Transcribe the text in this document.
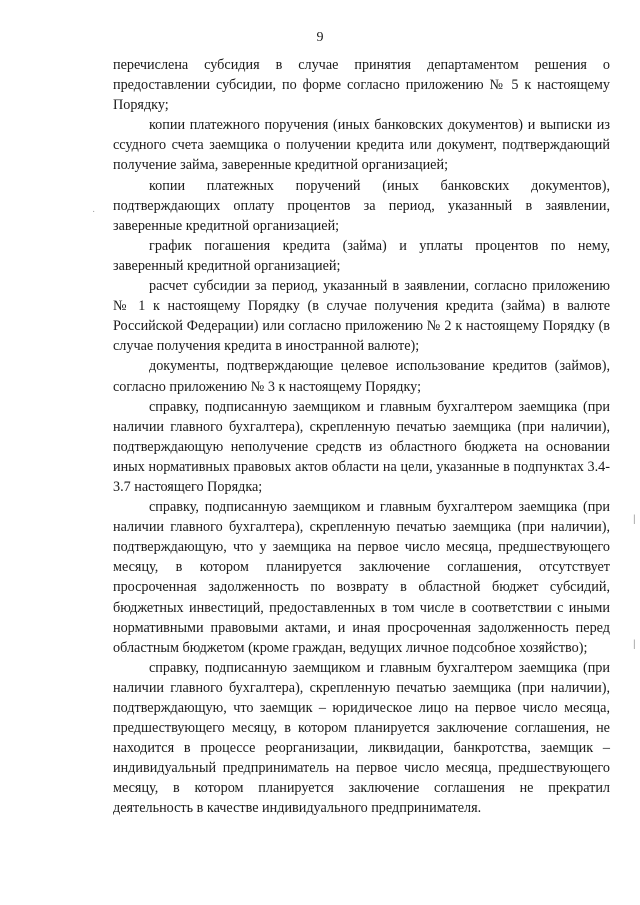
9

перечислена субсидия в случае принятия департаментом решения о предоставлении субсидии, по форме согласно приложению № 5 к настоящему Порядку;

копии платежного поручения (иных банковских документов) и выписки из ссудного счета заемщика о получении кредита или документ, подтверждающий получение займа, заверенные кредитной организацией;

копии платежных поручений (иных банковских документов), подтверждающих оплату процентов за период, указанный в заявлении, заверенные кредитной организацией;

график погашения кредита (займа) и уплаты процентов по нему, заверенный кредитной организацией;

расчет субсидии за период, указанный в заявлении, согласно приложению № 1 к настоящему Порядку (в случае получения кредита (займа) в валюте Российской Федерации) или согласно приложению № 2 к настоящему Порядку (в случае получения кредита в иностранной валюте);

документы, подтверждающие целевое использование кредитов (займов), согласно приложению № 3 к настоящему Порядку;

справку, подписанную заемщиком и главным бухгалтером заемщика (при наличии главного бухгалтера), скрепленную печатью заемщика (при наличии), подтверждающую неполучение средств из областного бюджета на основании иных нормативных правовых актов области на цели, указанные в подпунктах 3.4-3.7 настоящего Порядка;

справку, подписанную заемщиком и главным бухгалтером заемщика (при наличии главного бухгалтера), скрепленную печатью заемщика (при наличии), подтверждающую, что у заемщика на первое число месяца, предшествующего месяцу, в котором планируется заключение соглашения, отсутствует просроченная задолженность по возврату в областной бюджет субсидий, бюджетных инвестиций, предоставленных в том числе в соответствии с иными нормативными правовыми актами, и иная просроченная задолженность перед областным бюджетом (кроме граждан, ведущих личное подсобное хозяйство);

справку, подписанную заемщиком и главным бухгалтером заемщика (при наличии главного бухгалтера), скрепленную печатью заемщика (при наличии), подтверждающую, что заемщик – юридическое лицо на первое число месяца, предшествующего месяцу, в котором планируется заключение соглашения, не находится в процессе реорганизации, ликвидации, банкротства, заемщик – индивидуальный предприниматель на первое число месяца, предшествующего месяцу, в котором планируется заключение соглашения не прекратил деятельность в качестве индивидуального предпринимателя.

·
|
|
